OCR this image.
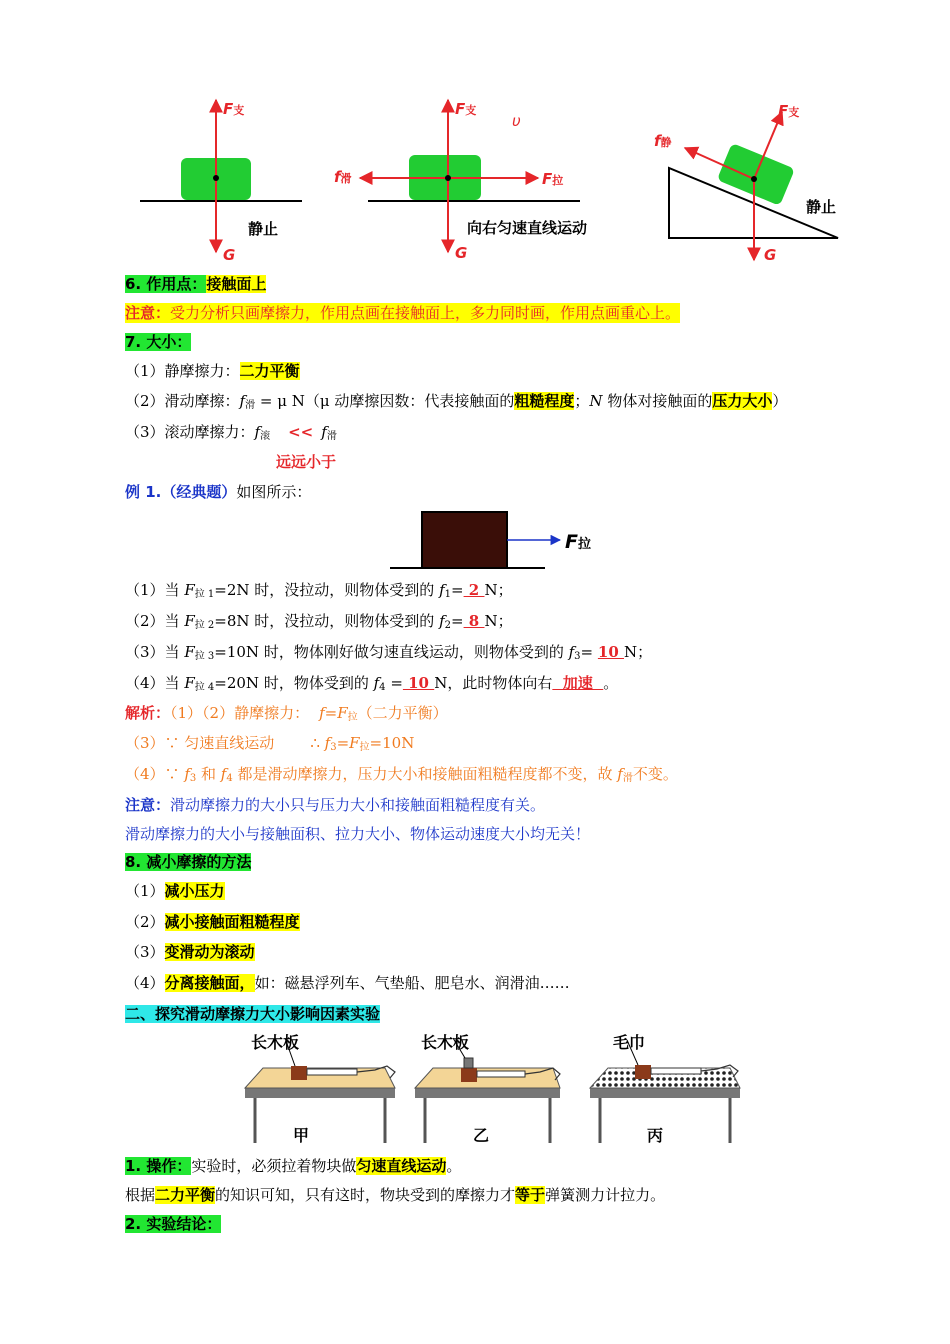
F支
G
静止
F支
υ
f滑	F拉
G
向右匀速直线运动
F支
f静
G
静止
6. 作用点：接触面上
注意：受力分析只画摩擦力，作用点画在接触面上，多力同时画，作用点画重心上。
7. 大小：
（1）静摩擦力：二力平衡
（2）滑动摩擦：$f_滑 = \mu$ N（μ 动摩擦因数：代表接触面的粗糙程度；N 物体对接触面的压力大小）
（3）滚动摩擦力：$f_滚 << f_滑$
远远小于
例 1.（经典题）如图所示：
F拉
（1）当 $F_{拉 1}=2N$ 时，没拉动，则物体受到的 $f_1= 2$ N；
（2）当 $F_{拉 2}=8N$ 时，没拉动，则物体受到的 $f_2= 8$ N；
（3）当 $F_{拉 3}=10N$ 时，物体刚好做匀速直线运动，则物体受到的 $f_3= 10$ N；
（4）当 $F_{拉 4}=20N$ 时，物体受到的 $f_4 = 10$ N，此时物体向右  加速  。
解析：（1）（2）静摩擦力： $f=F_拉$（二力平衡）
（3）∵ 匀速直线运动 ∴ $f_3=F_拉=10N$
（4）∵ $f_3$ 和 $f_4$ 都是滑动摩擦力，压力大小和接触面粗糙程度都不变，故 $f_滑$不变。
注意：滑动摩擦力的大小只与压力大小和接触面粗糙程度有关。
滑动摩擦力的大小与接触面积、拉力大小、物体运动速度大小均无关！
8. 减小摩擦的方法
（1）减小压力
（2）减小接触面粗糙程度
（3）变滑动为滚动
（4）分离接触面，如：磁悬浮列车、气垫船、肥皂水、润滑油……
二、探究滑动摩擦力大小影响因素实验
长木板
甲
长木板
乙
毛巾
丙
1. 操作：实验时，必须拉着物块做匀速直线运动。
根据二力平衡的知识可知，只有这时，物块受到的摩擦力才等于弹簧测力计拉力。
2. 实验结论：
